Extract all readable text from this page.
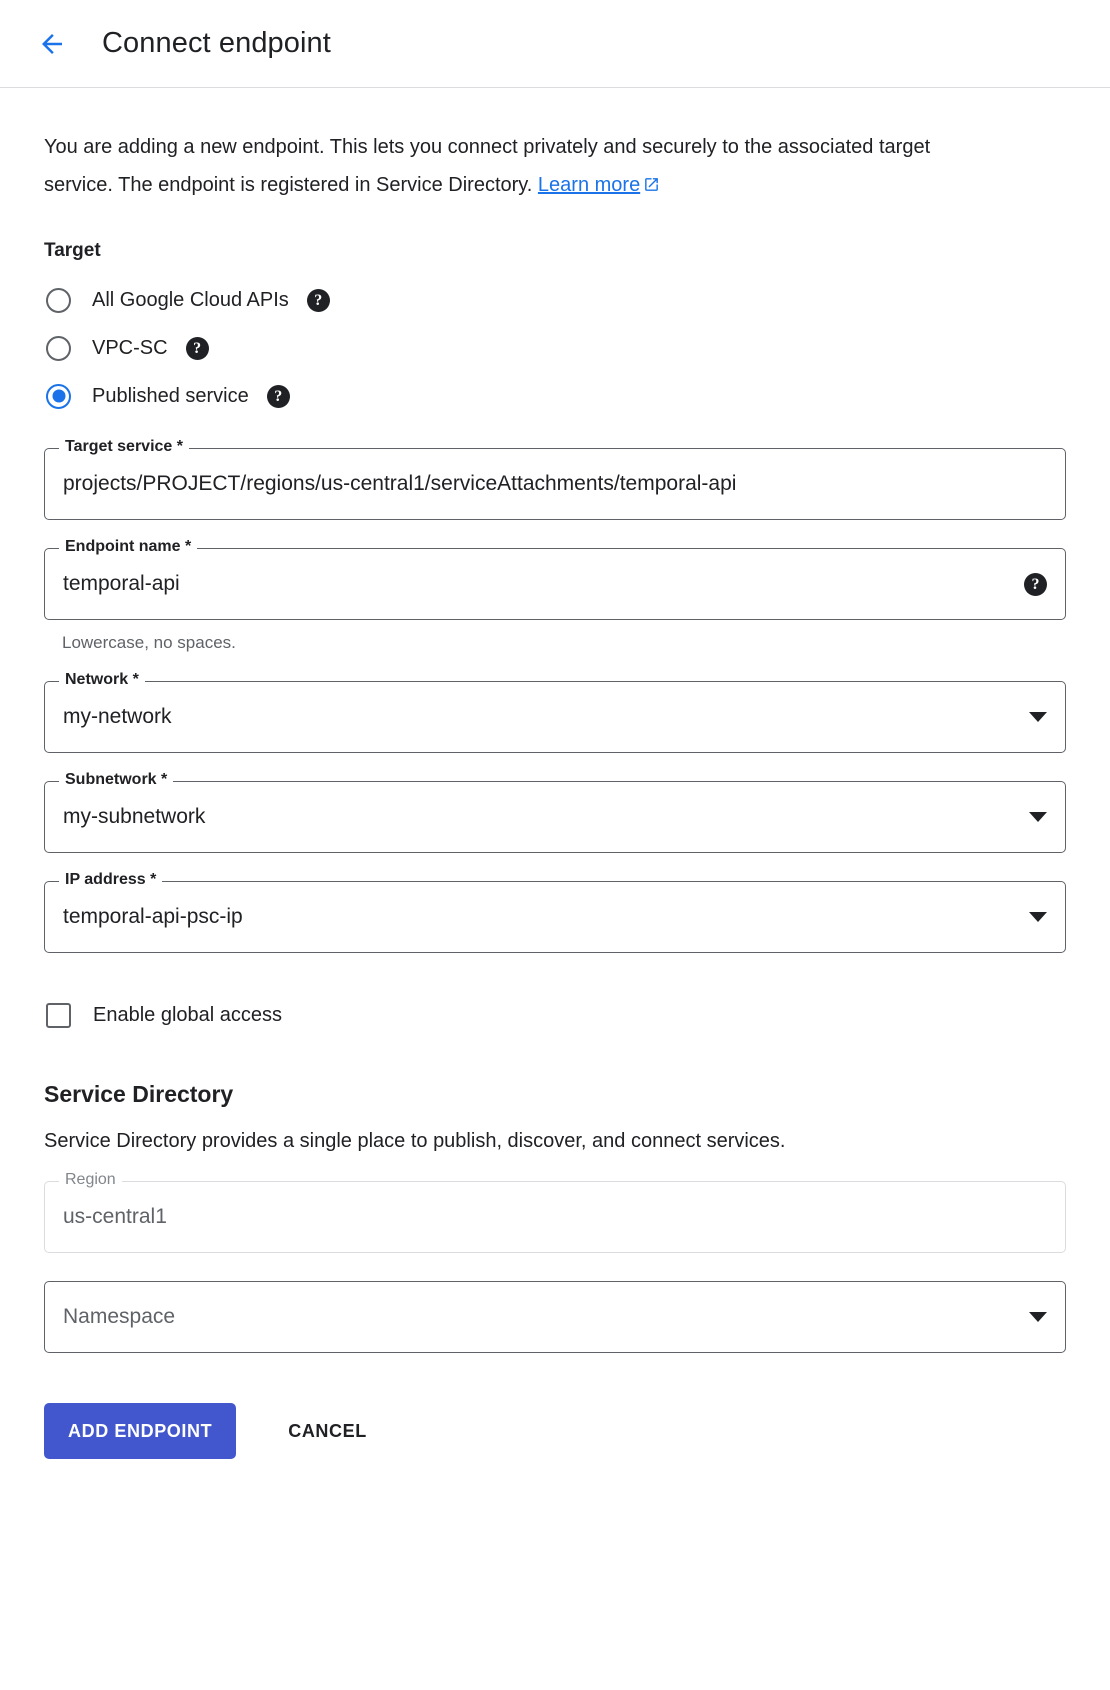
Connect endpoint

You are adding a new endpoint. This lets you connect privately and securely to the associated target service. The endpoint is registered in Service Directory. Learn more

Target
All Google Cloud APIs	?
VPC-SC	?
Published service	?
Target service *
projects/PROJECT/regions/us-central1/serviceAttachments/temporal-api
Endpoint name *
temporal-api	?
Lowercase, no spaces.
Network *
my-network
Subnetwork *
my-subnetwork
IP address *
temporal-api-psc-ip
Enable global access
Service Directory
Service Directory provides a single place to publish, discover, and connect services.
Region
us-central1
Namespace
ADD ENDPOINT	CANCEL
